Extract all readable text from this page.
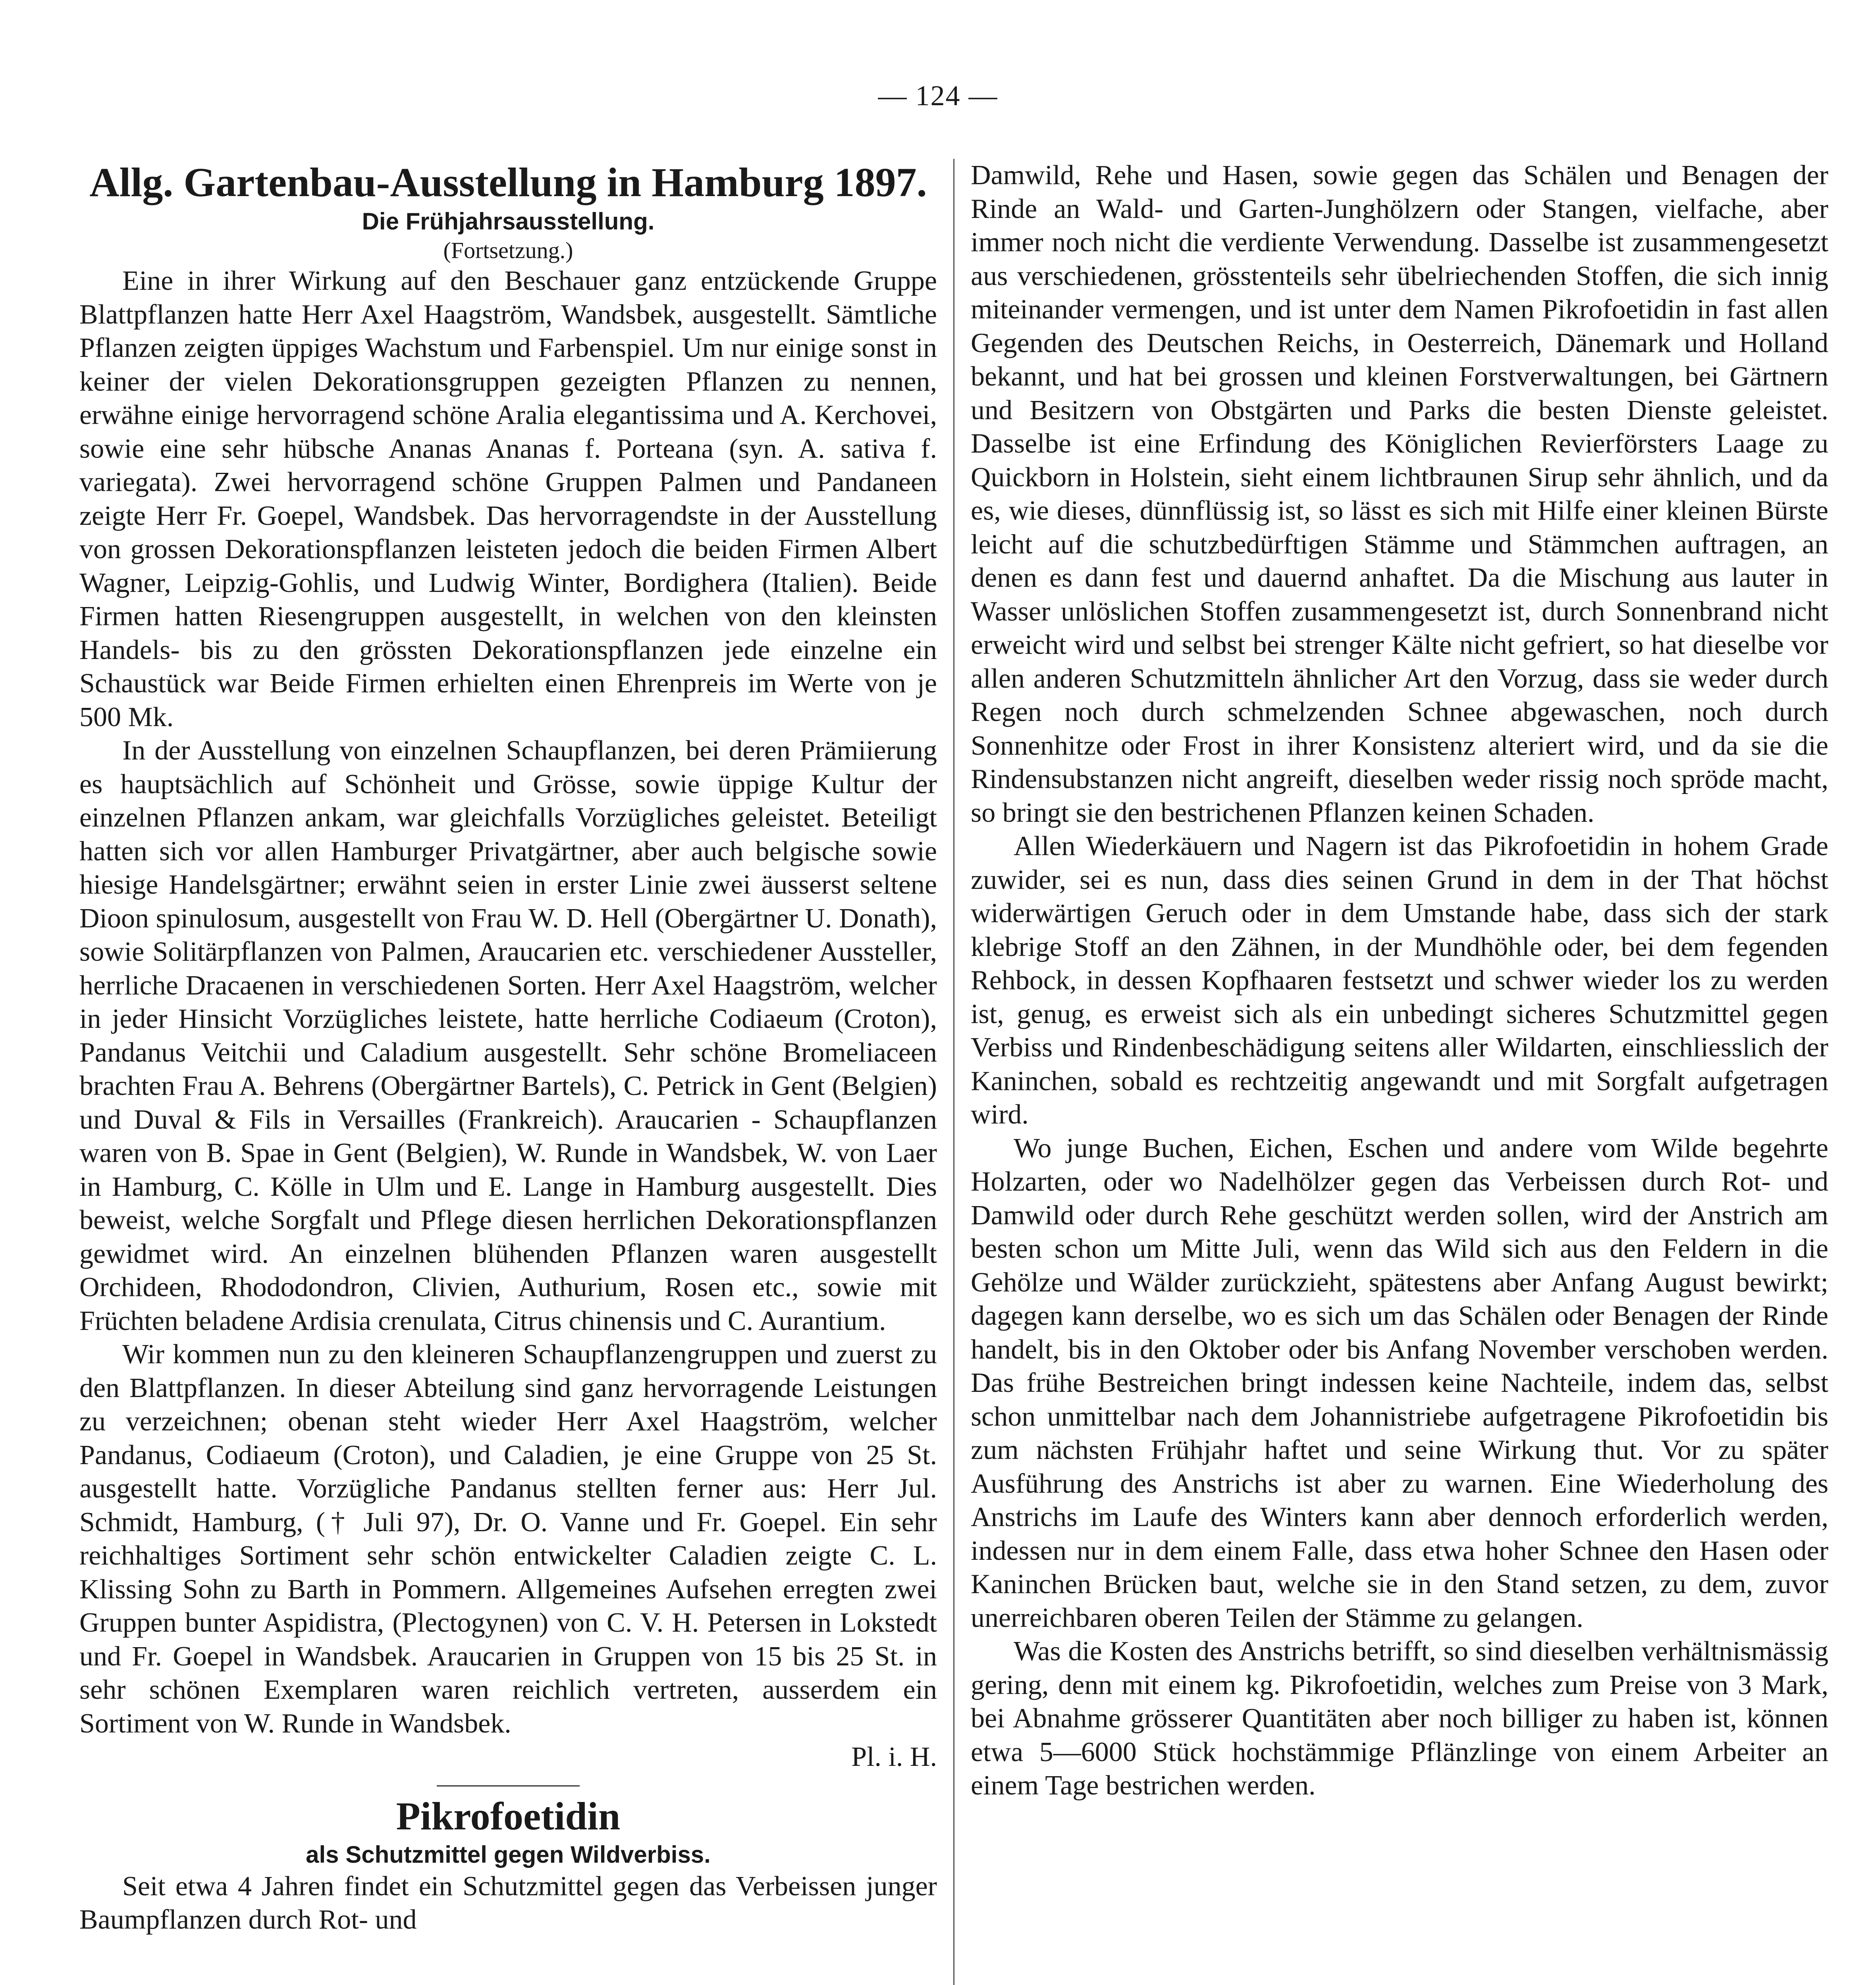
— 124 —
Allg. Gartenbau-Ausstellung in Hamburg 1897.
Die Frühjahrsausstellung.
(Fortsetzung.)

Eine in ihrer Wirkung auf den Beschauer ganz entzückende Gruppe Blattpflanzen hatte Herr Axel Haagström, Wandsbek, ausgestellt. Sämtliche Pflanzen zeigten üppiges Wachstum und Farbenspiel. Um nur einige sonst in keiner der vielen Dekorationsgruppen gezeigten Pflanzen zu nennen, erwähne einige hervorragend schöne Aralia elegantissima und A. Kerchovei, sowie eine sehr hübsche Ananas Ananas f. Porteana (syn. A. sativa f. variegata). Zwei hervorragend schöne Gruppen Palmen und Pandaneen zeigte Herr Fr. Goepel, Wandsbek. Das hervorragendste in der Ausstellung von grossen Dekorationspflanzen leisteten jedoch die beiden Firmen Albert Wagner, Leipzig-Gohlis, und Ludwig Winter, Bordighera (Italien). Beide Firmen hatten Riesengruppen ausgestellt, in welchen von den kleinsten Handels- bis zu den grössten Dekorationspflanzen jede einzelne ein Schaustück war Beide Firmen erhielten einen Ehrenpreis im Werte von je 500 Mk.

In der Ausstellung von einzelnen Schaupflanzen, bei deren Prämiierung es hauptsächlich auf Schönheit und Grösse, sowie üppige Kultur der einzelnen Pflanzen ankam, war gleichfalls Vorzügliches geleistet. Beteiligt hatten sich vor allen Hamburger Privatgärtner, aber auch belgische sowie hiesige Handelsgärtner; erwähnt seien in erster Linie zwei äusserst seltene Dioon spinulosum, ausgestellt von Frau W. D. Hell (Obergärtner U. Donath), sowie Solitärpflanzen von Palmen, Araucarien etc. verschiedener Aussteller, herrliche Dracaenen in verschiedenen Sorten. Herr Axel Haagström, welcher in jeder Hinsicht Vorzügliches leistete, hatte herrliche Codiaeum (Croton), Pandanus Veitchii und Caladium ausgestellt. Sehr schöne Bromeliaceen brachten Frau A. Behrens (Obergärtner Bartels), C. Petrick in Gent (Belgien) und Duval & Fils in Versailles (Frankreich). Araucarien - Schaupflanzen waren von B. Spae in Gent (Belgien), W. Runde in Wandsbek, W. von Laer in Hamburg, C. Kölle in Ulm und E. Lange in Hamburg ausgestellt. Dies beweist, welche Sorgfalt und Pflege diesen herrlichen Dekorationspflanzen gewidmet wird. An einzelnen blühenden Pflanzen waren ausgestellt Orchideen, Rhododondron, Clivien, Authurium, Rosen etc., sowie mit Früchten beladene Ardisia crenulata, Citrus chinensis und C. Aurantium.

Wir kommen nun zu den kleineren Schaupflanzengruppen und zuerst zu den Blattpflanzen. In dieser Abteilung sind ganz hervorragende Leistungen zu verzeichnen; obenan steht wieder Herr Axel Haagström, welcher Pandanus, Codiaeum (Croton), und Caladien, je eine Gruppe von 25 St. ausgestellt hatte. Vorzügliche Pandanus stellten ferner aus: Herr Jul. Schmidt, Hamburg, († Juli 97), Dr. O. Vanne und Fr. Goepel. Ein sehr reichhaltiges Sortiment sehr schön entwickelter Caladien zeigte C. L. Klissing Sohn zu Barth in Pommern. Allgemeines Aufsehen erregten zwei Gruppen bunter Aspidistra, (Plectogynen) von C. V. H. Petersen in Lokstedt und Fr. Goepel in Wandsbek. Araucarien in Gruppen von 15 bis 25 St. in sehr schönen Exemplaren waren reichlich vertreten, ausserdem ein Sortiment von W. Runde in Wandsbek.

Pl. i. H.
Pikrofoetidin
als Schutzmittel gegen Wildverbiss.

Seit etwa 4 Jahren findet ein Schutzmittel gegen das Verbeissen junger Baumpflanzen durch Rot- und

Damwild, Rehe und Hasen, sowie gegen das Schälen und Benagen der Rinde an Wald- und Garten-Junghölzern oder Stangen, vielfache, aber immer noch nicht die verdiente Verwendung. Dasselbe ist zusammengesetzt aus verschiedenen, grösstenteils sehr übelriechenden Stoffen, die sich innig miteinander vermengen, und ist unter dem Namen Pikrofoetidin in fast allen Gegenden des Deutschen Reichs, in Oesterreich, Dänemark und Holland bekannt, und hat bei grossen und kleinen Forstverwaltungen, bei Gärtnern und Besitzern von Obstgärten und Parks die besten Dienste geleistet. Dasselbe ist eine Erfindung des Königlichen Revierförsters Laage zu Quickborn in Holstein, sieht einem lichtbraunen Sirup sehr ähnlich, und da es, wie dieses, dünnflüssig ist, so lässt es sich mit Hilfe einer kleinen Bürste leicht auf die schutzbedürftigen Stämme und Stämmchen auftragen, an denen es dann fest und dauernd anhaftet. Da die Mischung aus lauter in Wasser unlöslichen Stoffen zusammengesetzt ist, durch Sonnenbrand nicht erweicht wird und selbst bei strenger Kälte nicht gefriert, so hat dieselbe vor allen anderen Schutzmitteln ähnlicher Art den Vorzug, dass sie weder durch Regen noch durch schmelzenden Schnee abgewaschen, noch durch Sonnenhitze oder Frost in ihrer Konsistenz alteriert wird, und da sie die Rindensubstanzen nicht angreift, dieselben weder rissig noch spröde macht, so bringt sie den bestrichenen Pflanzen keinen Schaden.

Allen Wiederkäuern und Nagern ist das Pikrofoetidin in hohem Grade zuwider, sei es nun, dass dies seinen Grund in dem in der That höchst widerwärtigen Geruch oder in dem Umstande habe, dass sich der stark klebrige Stoff an den Zähnen, in der Mundhöhle oder, bei dem fegenden Rehbock, in dessen Kopfhaaren festsetzt und schwer wieder los zu werden ist, genug, es erweist sich als ein unbedingt sicheres Schutzmittel gegen Verbiss und Rindenbeschädigung seitens aller Wildarten, einschliesslich der Kaninchen, sobald es rechtzeitig angewandt und mit Sorgfalt aufgetragen wird.

Wo junge Buchen, Eichen, Eschen und andere vom Wilde begehrte Holzarten, oder wo Nadelhölzer gegen das Verbeissen durch Rot- und Damwild oder durch Rehe geschützt werden sollen, wird der Anstrich am besten schon um Mitte Juli, wenn das Wild sich aus den Feldern in die Gehölze und Wälder zurückzieht, spätestens aber Anfang August bewirkt; dagegen kann derselbe, wo es sich um das Schälen oder Benagen der Rinde handelt, bis in den Oktober oder bis Anfang November verschoben werden. Das frühe Bestreichen bringt indessen keine Nachteile, indem das, selbst schon unmittelbar nach dem Johannistriebe aufgetragene Pikrofoetidin bis zum nächsten Frühjahr haftet und seine Wirkung thut. Vor zu später Ausführung des Anstrichs ist aber zu warnen. Eine Wiederholung des Anstrichs im Laufe des Winters kann aber dennoch erforderlich werden, indessen nur in dem einem Falle, dass etwa hoher Schnee den Hasen oder Kaninchen Brücken baut, welche sie in den Stand setzen, zu dem, zuvor unerreichbaren oberen Teilen der Stämme zu gelangen.

Was die Kosten des Anstrichs betrifft, so sind dieselben verhältnismässig gering, denn mit einem kg. Pikrofoetidin, welches zum Preise von 3 Mark, bei Abnahme grösserer Quantitäten aber noch billiger zu haben ist, können etwa 5—6000 Stück hochstämmige Pflänzlinge von einem Arbeiter an einem Tage bestrichen werden.
